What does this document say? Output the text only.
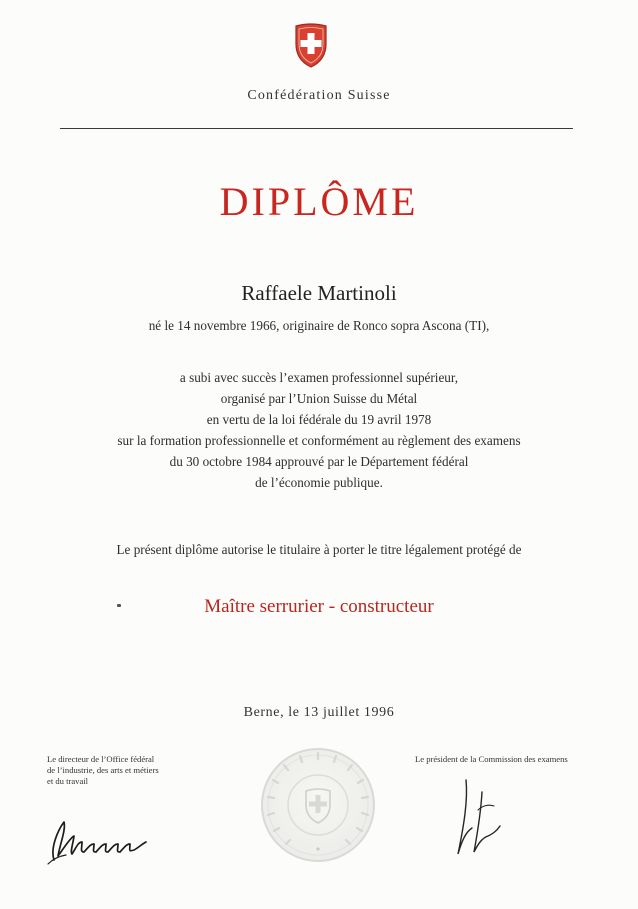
Confédération Suisse
DIPLÔME
Raffaele Martinoli
né le 14 novembre 1966, originaire de Ronco sopra Ascona (TI),
a subi avec succès l’examen professionnel supérieur,
organisé par l’Union Suisse du Métal
en vertu de la loi fédérale du 19 avril 1978
sur la formation professionnelle et conformément au règlement des examens
du 30 octobre 1984 approuvé par le Département fédéral
de l’économie publique.
Le présent diplôme autorise le titulaire à porter le titre légalement protégé de
Maître serrurier - constructeur
Berne, le 13 juillet 1996
Le directeur de l’Office fédéral
de l’industrie, des arts et métiers
et du travail
Le président de la Commission des examens
